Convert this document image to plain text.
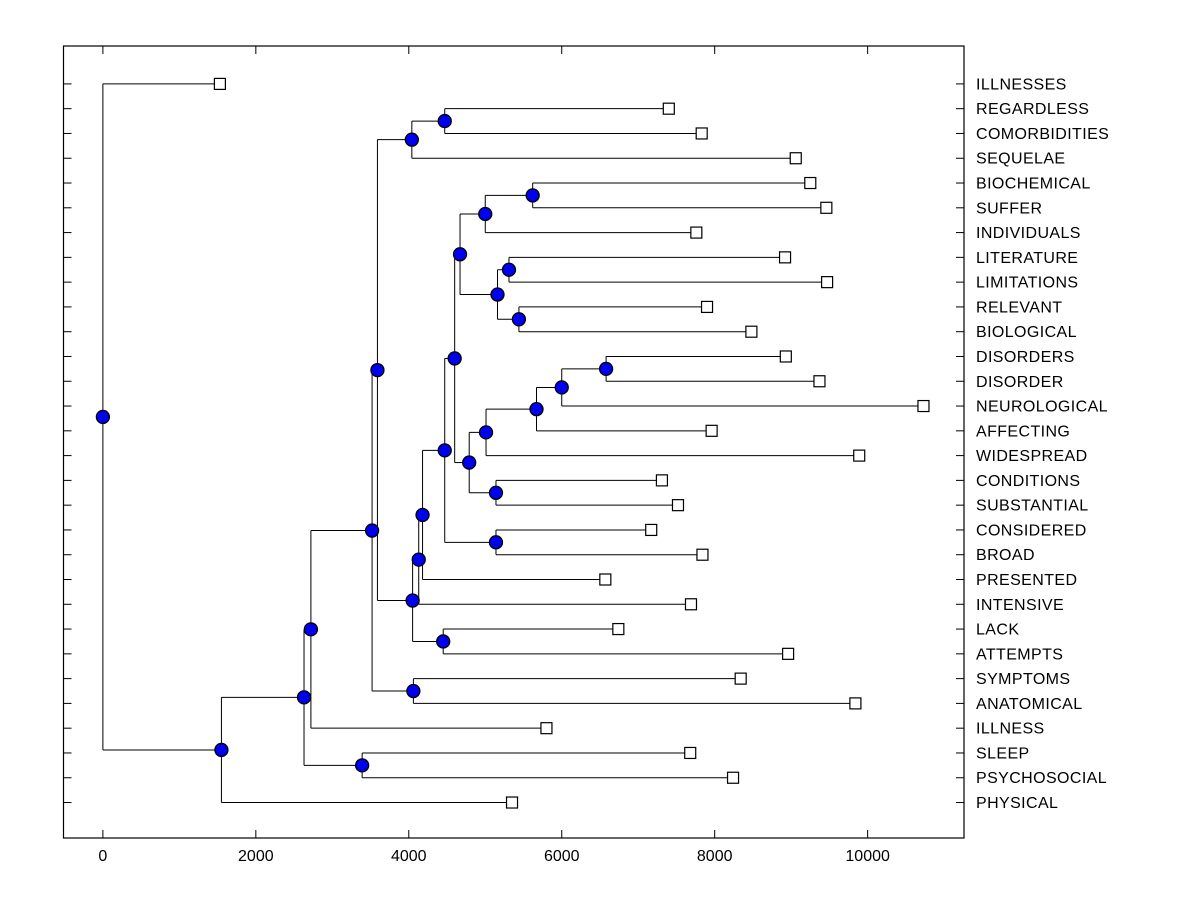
0	2000	4000	6000	8000	10000
ILLNESSES
REGARDLESS
COMORBIDITIES
SEQUELAE
BIOCHEMICAL
SUFFER
INDIVIDUALS
LITERATURE
LIMITATIONS
RELEVANT
BIOLOGICAL
DISORDERS
DISORDER
NEUROLOGICAL
AFFECTING
WIDESPREAD
CONDITIONS
SUBSTANTIAL
CONSIDERED
BROAD
PRESENTED
INTENSIVE
LACK
ATTEMPTS
SYMPTOMS
ANATOMICAL
ILLNESS
SLEEP
PSYCHOSOCIAL
PHYSICAL
